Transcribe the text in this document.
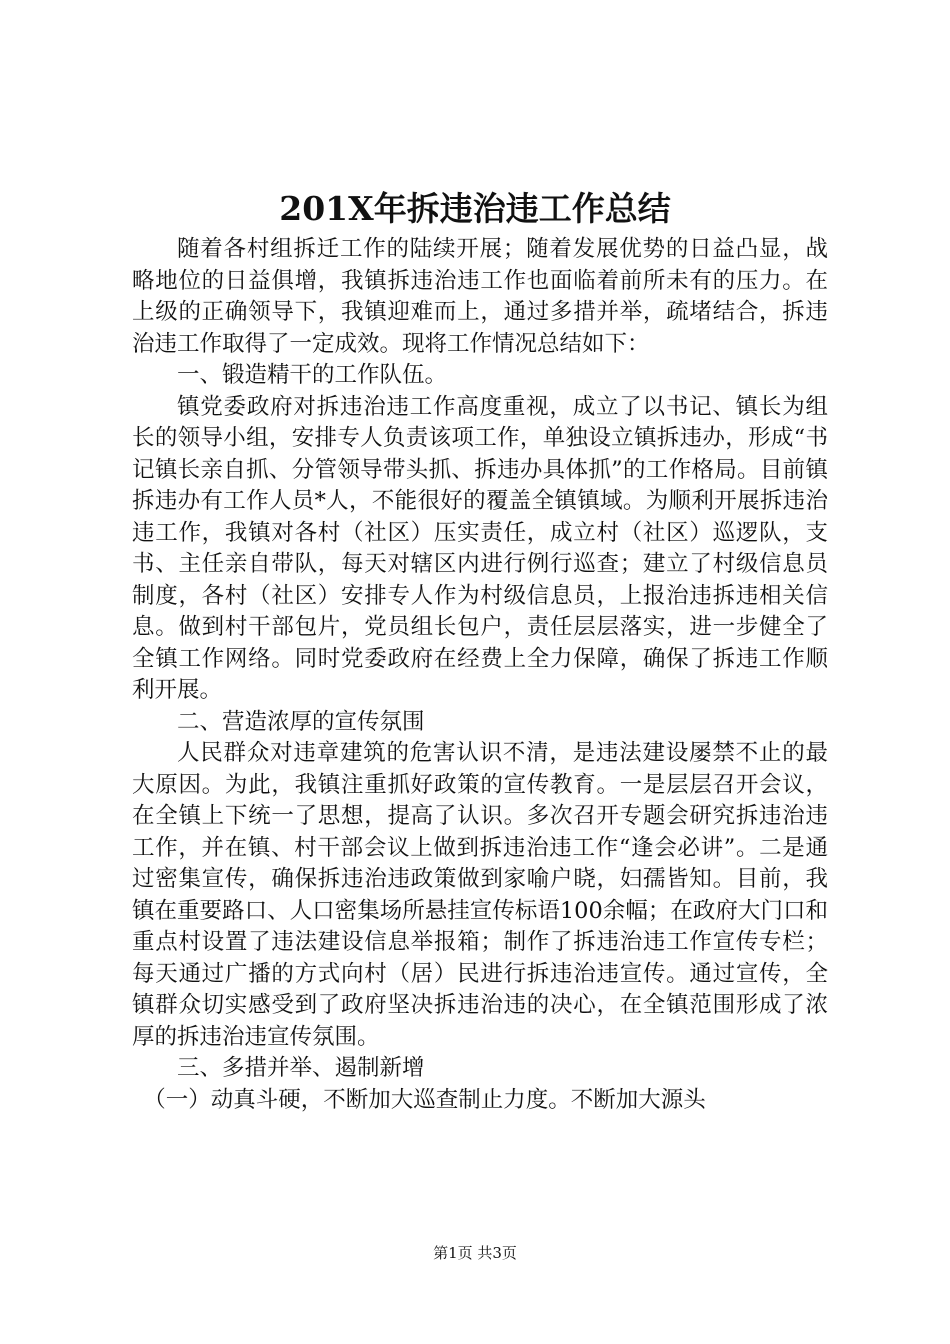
201X年拆违治违工作总结

随着各村组拆迁工作的陆续开展；随着发展优势的日益凸显，战略地位的日益俱增，我镇拆违治违工作也面临着前所未有的压力。在上级的正确领导下，我镇迎难而上，通过多措并举，疏堵结合，拆违治违工作取得了一定成效。现将工作情况总结如下：

一、锻造精干的工作队伍。

镇党委政府对拆违治违工作高度重视，成立了以书记、镇长为组长的领导小组，安排专人负责该项工作，单独设立镇拆违办，形成“书记镇长亲自抓、分管领导带头抓、拆违办具体抓”的工作格局。目前镇拆违办有工作人员*人，不能很好的覆盖全镇镇域。为顺利开展拆违治违工作，我镇对各村（社区）压实责任，成立村（社区）巡逻队，支书、主任亲自带队，每天对辖区内进行例行巡查；建立了村级信息员制度，各村（社区）安排专人作为村级信息员，上报治违拆违相关信息。做到村干部包片，党员组长包户，责任层层落实，进一步健全了全镇工作网络。同时党委政府在经费上全力保障，确保了拆违工作顺利开展。

二、营造浓厚的宣传氛围

人民群众对违章建筑的危害认识不清，是违法建设屡禁不止的最大原因。为此，我镇注重抓好政策的宣传教育。一是层层召开会议，在全镇上下统一了思想，提高了认识。多次召开专题会研究拆违治违工作，并在镇、村干部会议上做到拆违治违工作“逢会必讲”。二是通过密集宣传，确保拆违治违政策做到家喻户晓，妇孺皆知。目前，我镇在重要路口、人口密集场所悬挂宣传标语100余幅；在政府大门口和重点村设置了违法建设信息举报箱；制作了拆违治违工作宣传专栏；每天通过广播的方式向村（居）民进行拆违治违宣传。通过宣传，全镇群众切实感受到了政府坚决拆违治违的决心，在全镇范围形成了浓厚的拆违治违宣传氛围。

三、多措并举、遏制新增

（一）动真斗硬，不断加大巡查制止力度。不断加大源头

第1页 共3页
